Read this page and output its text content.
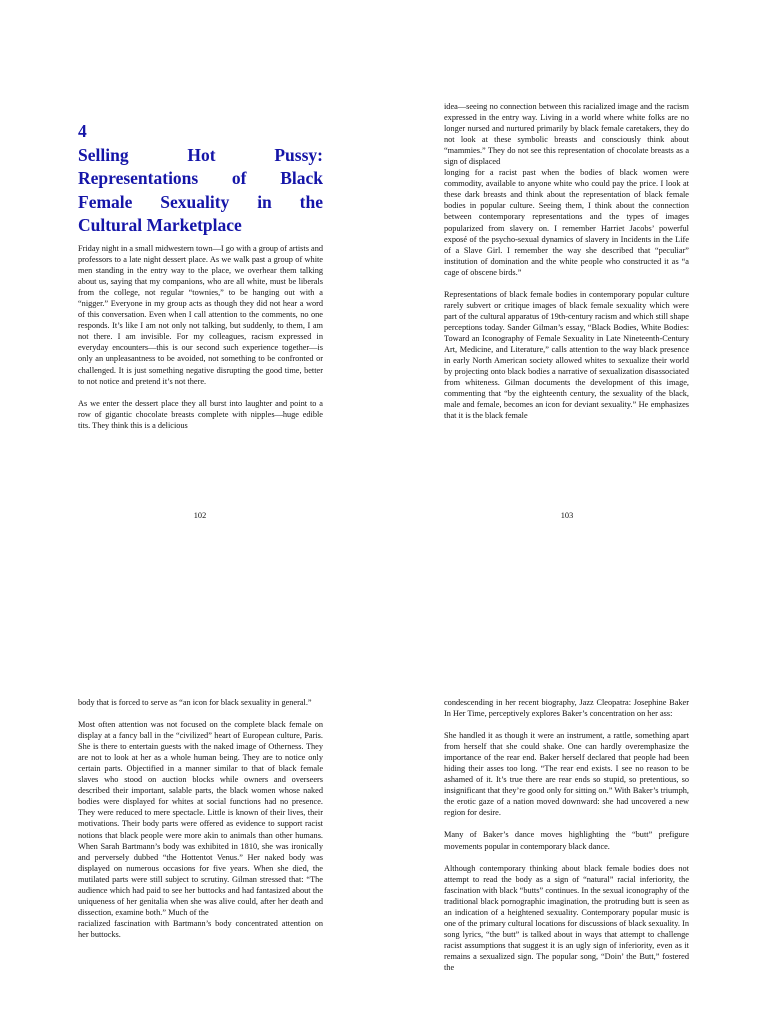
4
Selling Hot Pussy:
Representations of Black
Female Sexuality in the
Cultural Marketplace

Friday night in a small midwestern town—I go with a group of artists and professors to a late night dessert place. As we walk past a group of white men standing in the entry way to the place, we overhear them talking about us, saying that my companions, who are all white, must be liberals from the college, not regular “townies,” to be hanging out with a “nigger.” Everyone in my group acts as though they did not hear a word of this conversation. Even when I call attention to the comments, no one responds. It’s like I am not only not talking, but suddenly, to them, I am not there. I am invisible. For my colleagues, racism expressed in everyday encounters—this is our second such experience together—is only an unpleasantness to be avoided, not something to be confronted or challenged. It is just something negative disrupting the good time, better to not notice and pretend it’s not there.

As we enter the dessert place they all burst into laughter and point to a row of gigantic chocolate breasts complete with nipples—huge edible tits. They think this is a delicious

102

idea—seeing no connection between this racialized image and the racism expressed in the entry way. Living in a world where white folks are no longer nursed and nurtured primarily by black female caretakers, they do not look at these symbolic breasts and consciously think about “mammies.” They do not see this representation of chocolate breasts as a sign of displaced

longing for a racist past when the bodies of black women were commodity, available to anyone white who could pay the price. I look at these dark breasts and think about the representation of black female bodies in popular culture. Seeing them, I think about the connection between contemporary representations and the types of images popularized from slavery on. I remember Harriet Jacobs’ powerful exposé of the psycho-sexual dynamics of slavery in Incidents in the Life of a Slave Girl. I remember the way she described that “peculiar” institution of domination and the white people who constructed it as “a cage of obscene birds.”

Representations of black female bodies in contemporary popular culture rarely subvert or critique images of black female sexuality which were part of the cultural apparatus of 19th-century racism and which still shape perceptions today. Sander Gilman’s essay, “Black Bodies, White Bodies: Toward an Iconography of Female Sexuality in Late Nineteenth-Century Art, Medicine, and Literature,” calls attention to the way black presence in early North American society allowed whites to sexualize their world by projecting onto black bodies a narrative of sexualization disassociated from whiteness. Gilman documents the development of this image, commenting that “by the eighteenth century, the sexuality of the black, male and female, becomes an icon for deviant sexuality.” He emphasizes that it is the black female

103

body that is forced to serve as “an icon for black sexuality in general.”

Most often attention was not focused on the complete black female on display at a fancy ball in the “civilized” heart of European culture, Paris. She is there to entertain guests with the naked image of Otherness. They are not to look at her as a whole human being. They are to notice only certain parts. Objectified in a manner similar to that of black female slaves who stood on auction blocks while owners and overseers described their important, salable parts, the black women whose naked bodies were displayed for whites at social functions had no presence. They were reduced to mere spectacle. Little is known of their lives, their motivations. Their body parts were offered as evidence to support racist notions that black people were more akin to animals than other humans. When Sarah Bartmann’s body was exhibited in 1810, she was ironically and perversely dubbed “the Hottentot Venus.” Her naked body was displayed on numerous occasions for five years. When she died, the mutilated parts were still subject to scrutiny. Gilman stressed that: “The audience which had paid to see her buttocks and had fantasized about the uniqueness of her genitalia when she was alive could, after her death and dissection, examine both.” Much of the

racialized fascination with Bartmann’s body concentrated attention on her buttocks.

condescending in her recent biography, Jazz Cleopatra: Josephine Baker In Her Time, perceptively explores Baker’s concentration on her ass:

She handled it as though it were an instrument, a rattle, something apart from herself that she could shake. One can hardly overemphasize the importance of the rear end. Baker herself declared that people had been hiding their asses too long. “The rear end exists. I see no reason to be ashamed of it. It’s true there are rear ends so stupid, so pretentious, so insignificant that they’re good only for sitting on.” With Baker’s triumph, the erotic gaze of a nation moved downward: she had uncovered a new region for desire.

Many of Baker’s dance moves highlighting the “butt” prefigure movements popular in contemporary black dance.

Although contemporary thinking about black female bodies does not attempt to read the body as a sign of “natural” racial inferiority, the fascination with black “butts” continues. In the sexual iconography of the traditional black pornographic imagination, the protruding butt is seen as an indication of a heightened sexuality. Contemporary popular music is one of the primary cultural locations for discussions of black sexuality. In song lyrics, “the butt” is talked about in ways that attempt to challenge racist assumptions that suggest it is an ugly sign of inferiority, even as it remains a sexualized sign. The popular song, “Doin’ the Butt,” fostered the
